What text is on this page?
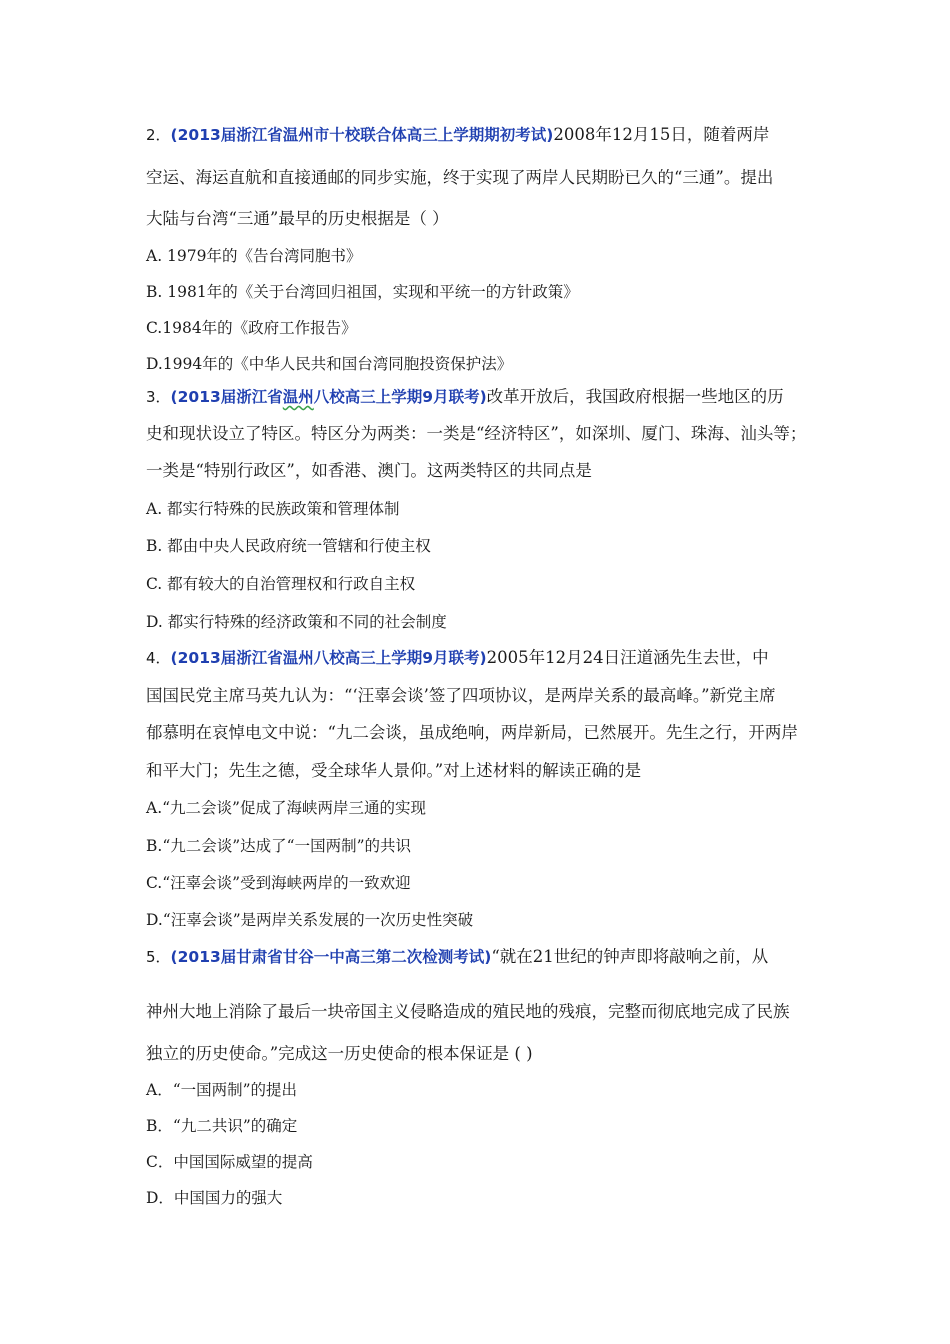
2．(2013届浙江省温州市十校联合体高三上学期期初考试)2008年12月15日，随着两岸
空运、海运直航和直接通邮的同步实施，终于实现了两岸人民期盼已久的“三通”。提出
大陆与台湾“三通”最早的历史根据是（ ）
A. 1979年的《告台湾同胞书》
B. 1981年的《关于台湾回归祖国，实现和平统一的方针政策》
C.1984年的《政府工作报告》
D.1994年的《中华人民共和国台湾同胞投资保护法》
3．(2013届浙江省温州八校高三上学期9月联考)改革开放后，我国政府根据一些地区的历
史和现状设立了特区。特区分为两类：一类是“经济特区”，如深圳、厦门、珠海、汕头等；
一类是“特别行政区”，如香港、澳门。这两类特区的共同点是
A. 都实行特殊的民族政策和管理体制
B. 都由中央人民政府统一管辖和行使主权
C. 都有较大的自治管理权和行政自主权
D. 都实行特殊的经济政策和不同的社会制度
4．(2013届浙江省温州八校高三上学期9月联考)2005年12月24日汪道涵先生去世，中
国国民党主席马英九认为：“‘汪辜会谈’签了四项协议，是两岸关系的最高峰。”新党主席
郁慕明在哀悼电文中说：“九二会谈，虽成绝响，两岸新局，已然展开。先生之行，开两岸
和平大门；先生之德，受全球华人景仰。”对上述材料的解读正确的是
A.“九二会谈”促成了海峡两岸三通的实现
B.“九二会谈”达成了“一国两制”的共识
C.“汪辜会谈”受到海峡两岸的一致欢迎
D.“汪辜会谈”是两岸关系发展的一次历史性突破
5．(2013届甘肃省甘谷一中高三第二次检测考试)“就在21世纪的钟声即将敲响之前，从
神州大地上消除了最后一块帝国主义侵略造成的殖民地的残痕，完整而彻底地完成了民族
独立的历史使命。”完成这一历史使命的根本保证是 ( )
A．“一国两制”的提出
B．“九二共识”的确定
C．中国国际威望的提高
D．中国国力的强大
